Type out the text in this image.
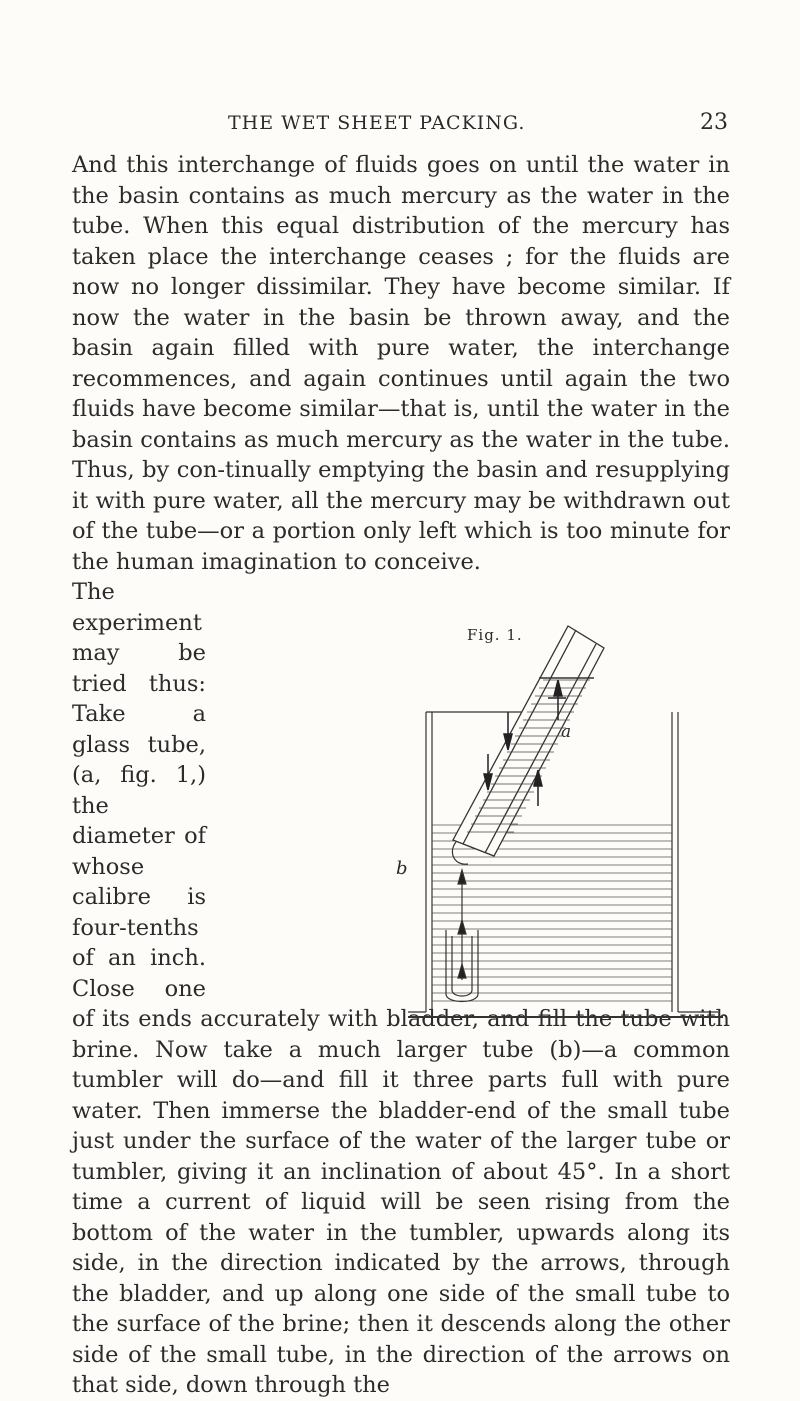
THE WET SHEET PACKING.	23

And this interchange of fluids goes on until the water in the basin contains as much mercury as the water in the tube. When this equal distribution of the mercury has taken place the interchange ceases ; for the fluids are now no longer dissimilar. They have become similar. If now the water in the basin be thrown away, and the basin again filled with pure water, the interchange recommences, and again continues until again the two fluids have become similar—that is, until the water in the basin contains as much mercury as the water in the tube. Thus, by con-tinually emptying the basin and resupplying it with pure water, all the mercury may be withdrawn out of the tube—or a portion only left which is too minute for the human imagination to conceive.

The experiment may be tried thus: Take a glass tube, (a, fig. 1,) the diameter of whose calibre is four-tenths of an inch. Close one of its ends accurately with bladder, and fill the tube with brine. Now take a much larger tube (b)—a common tumbler will do—and fill it three parts full with pure water. Then immerse the bladder-end of the small tube just under the surface of the water of the larger tube or tumbler, giving it an inclination of about 45°. In a short time a current of liquid will be seen rising from the bottom of the water in the tumbler, upwards along its side, in the direction indicated by the arrows, through the bladder, and up along one side of the small tube to the surface of the brine; then it descends along the other side of the small tube, in the direction of the arrows on that side, down through the
Fig. 1.
a
b
